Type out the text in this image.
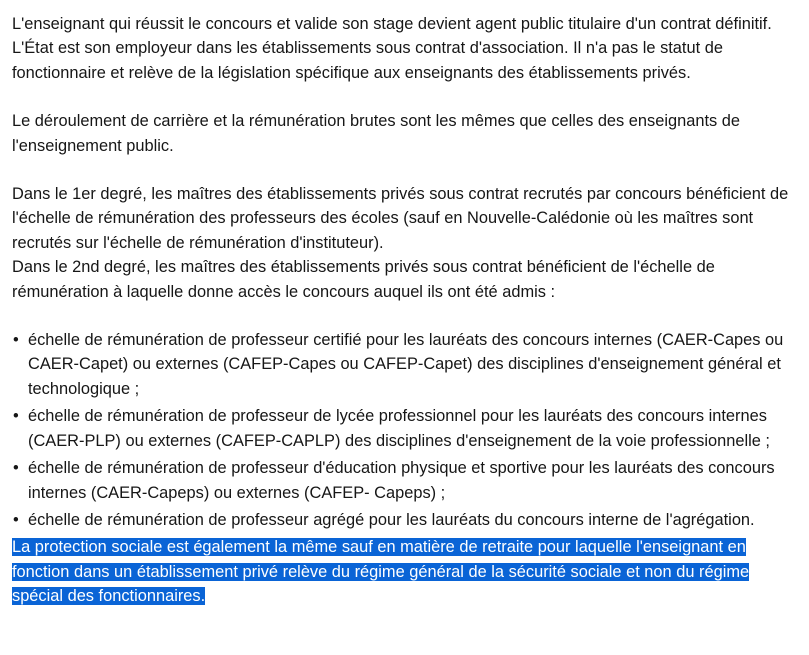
L'enseignant qui réussit le concours et valide son stage devient agent public titulaire d'un contrat définitif. L'État est son employeur dans les établissements sous contrat d'association. Il n'a pas le statut de fonctionnaire et relève de la législation spécifique aux enseignants des établissements privés.

Le déroulement de carrière et la rémunération brutes sont les mêmes que celles des enseignants de l'enseignement public.

Dans le 1er degré, les maîtres des établissements privés sous contrat recrutés par concours bénéficient de l'échelle de rémunération des professeurs des écoles (sauf en Nouvelle-Calédonie où les maîtres sont recrutés sur l'échelle de rémunération d'instituteur).

Dans le 2nd degré, les maîtres des établissements privés sous contrat bénéficient de l'échelle de rémunération à laquelle donne accès le concours auquel ils ont été admis :

• échelle de rémunération de professeur certifié pour les lauréats des concours internes (CAER-Capes ou CAER-Capet) ou externes (CAFEP-Capes ou CAFEP-Capet) des disciplines d'enseignement général et technologique ;
• échelle de rémunération de professeur de lycée professionnel pour les lauréats des concours internes (CAER-PLP) ou externes (CAFEP-CAPLP) des disciplines d'enseignement de la voie professionnelle ;
• échelle de rémunération de professeur d'éducation physique et sportive pour les lauréats des concours internes (CAER-Capeps) ou externes (CAFEP- Capeps) ;
• échelle de rémunération de professeur agrégé pour les lauréats du concours interne de l'agrégation.

La protection sociale est également la même sauf en matière de retraite pour laquelle l'enseignant en fonction dans un établissement privé relève du régime général de la sécurité sociale et non du régime spécial des fonctionnaires.
